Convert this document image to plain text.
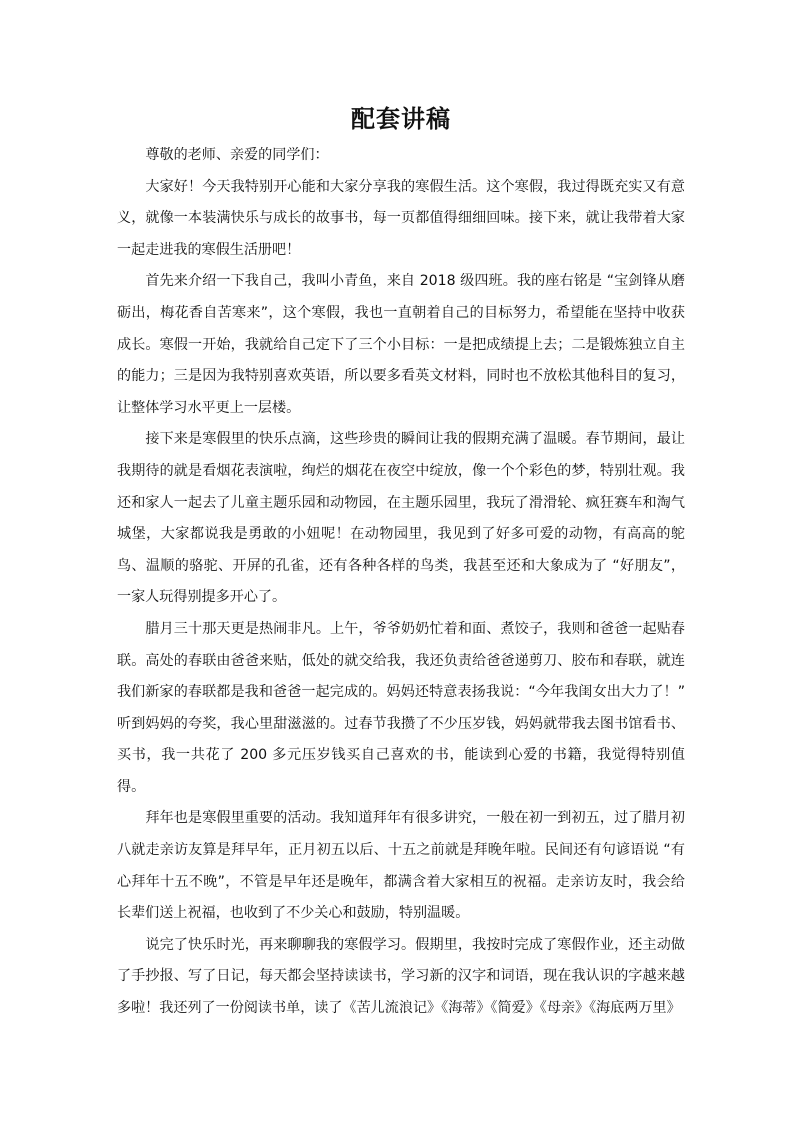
配套讲稿

尊敬的老师、亲爱的同学们：

大家好！今天我特别开心能和大家分享我的寒假生活。这个寒假，我过得既充实又有意义，就像一本装满快乐与成长的故事书，每一页都值得细细回味。接下来，就让我带着大家一起走进我的寒假生活册吧！

首先来介绍一下我自己，我叫小青鱼，来自 2018 级四班。我的座右铭是 “宝剑锋从磨砺出，梅花香自苦寒来”，这个寒假，我也一直朝着自己的目标努力，希望能在坚持中收获成长。寒假一开始，我就给自己定下了三个小目标：一是把成绩提上去；二是锻炼独立自主的能力；三是因为我特别喜欢英语，所以要多看英文材料，同时也不放松其他科目的复习，让整体学习水平更上一层楼。

接下来是寒假里的快乐点滴，这些珍贵的瞬间让我的假期充满了温暖。春节期间，最让我期待的就是看烟花表演啦，绚烂的烟花在夜空中绽放，像一个个彩色的梦，特别壮观。我还和家人一起去了儿童主题乐园和动物园，在主题乐园里，我玩了滑滑轮、疯狂赛车和淘气城堡，大家都说我是勇敢的小妞呢！在动物园里，我见到了好多可爱的动物，有高高的鸵鸟、温顺的骆驼、开屏的孔雀，还有各种各样的鸟类，我甚至还和大象成为了 “好朋友”，一家人玩得别提多开心了。

腊月三十那天更是热闹非凡。上午，爷爷奶奶忙着和面、煮饺子，我则和爸爸一起贴春联。高处的春联由爸爸来贴，低处的就交给我，我还负责给爸爸递剪刀、胶布和春联，就连我们新家的春联都是我和爸爸一起完成的。妈妈还特意表扬我说：“今年我闺女出大力了！” 听到妈妈的夸奖，我心里甜滋滋的。过春节我攒了不少压岁钱，妈妈就带我去图书馆看书、买书，我一共花了 200 多元压岁钱买自己喜欢的书，能读到心爱的书籍，我觉得特别值得。

拜年也是寒假里重要的活动。我知道拜年有很多讲究，一般在初一到初五，过了腊月初八就走亲访友算是拜早年，正月初五以后、十五之前就是拜晚年啦。民间还有句谚语说 “有心拜年十五不晚”，不管是早年还是晚年，都满含着大家相互的祝福。走亲访友时，我会给长辈们送上祝福，也收到了不少关心和鼓励，特别温暖。

说完了快乐时光，再来聊聊我的寒假学习。假期里，我按时完成了寒假作业，还主动做了手抄报、写了日记，每天都会坚持读读书，学习新的汉字和词语，现在我认识的字越来越多啦！我还列了一份阅读书单，读了《苦儿流浪记》《海蒂》《简爱》《母亲》《海底两万里》
